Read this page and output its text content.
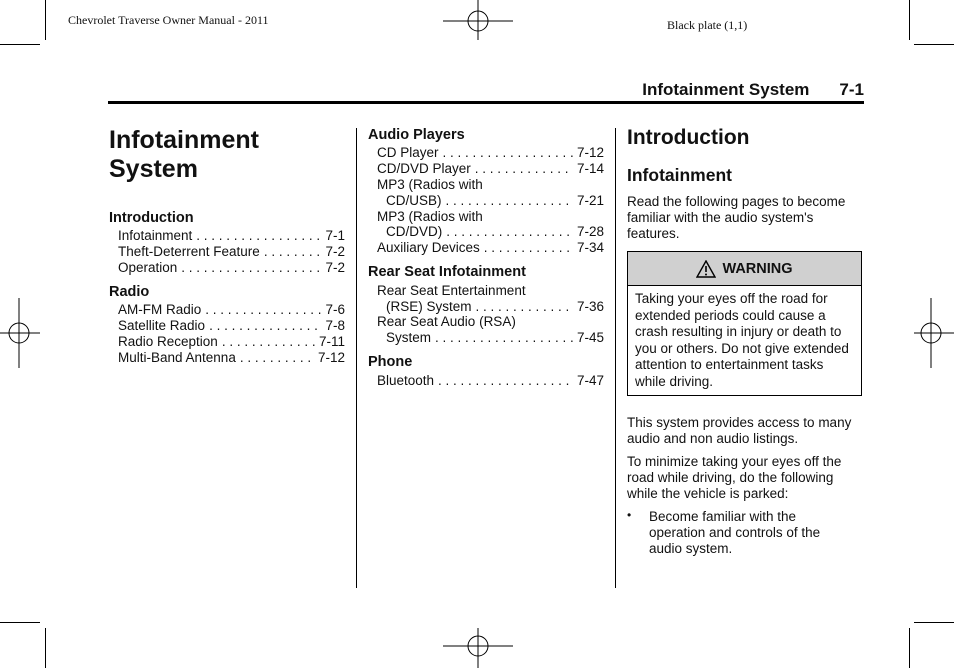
Chevrolet Traverse Owner Manual - 2011	Black plate (1,1)
Infotainment System 7-1
Infotainment
System
Introduction
Infotainment . . .	7-1
Theft-Deterrent Feature . . .	7-2
Operation . . .	7-2
Radio
AM-FM Radio . . .	7-6
Satellite Radio . . .	7-8
Radio Reception . . .	7-11
Multi-Band Antenna . . .	7-12
Audio Players
CD Player . . .	7-12
CD/DVD Player . . .	7-14
MP3 (Radios with
CD/USB) . . .	7-21
MP3 (Radios with
CD/DVD) . . .	7-28
Auxiliary Devices . . .	7-34
Rear Seat Infotainment
Rear Seat Entertainment
(RSE) System . . .	7-36
Rear Seat Audio (RSA)
System . . .	7-45
Phone
Bluetooth . . .	7-47
Introduction
Infotainment

Read the following pages to become familiar with the audio system's features.

WARNING
Taking your eyes off the road for extended periods could cause a crash resulting in injury or death to you or others. Do not give extended attention to entertainment tasks while driving.

This system provides access to many audio and non audio listings.

To minimize taking your eyes off the road while driving, do the following while the vehicle is parked:

• Become familiar with the operation and controls of the audio system.
